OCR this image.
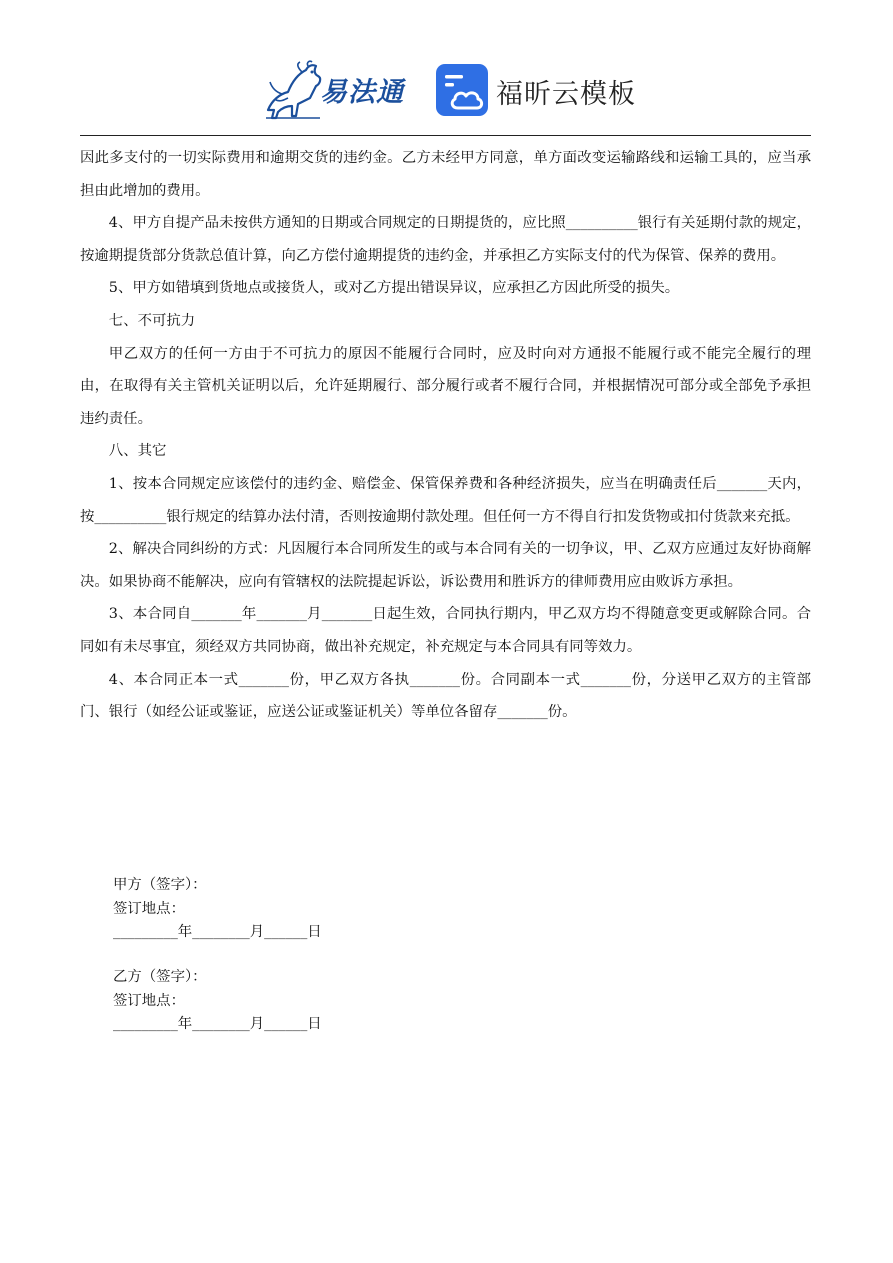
易法通	福昕云模板

因此多支付的一切实际费用和逾期交货的违约金。乙方未经甲方同意，单方面改变运输路线和运输工具的，应当承担由此增加的费用。

4、甲方自提产品未按供方通知的日期或合同规定的日期提货的，应比照__________银行有关延期付款的规定，按逾期提货部分货款总值计算，向乙方偿付逾期提货的违约金，并承担乙方实际支付的代为保管、保养的费用。

5、甲方如错填到货地点或接货人，或对乙方提出错误异议，应承担乙方因此所受的损失。

七、不可抗力

甲乙双方的任何一方由于不可抗力的原因不能履行合同时，应及时向对方通报不能履行或不能完全履行的理由，在取得有关主管机关证明以后，允许延期履行、部分履行或者不履行合同，并根据情况可部分或全部免予承担违约责任。

八、其它

1、按本合同规定应该偿付的违约金、赔偿金、保管保养费和各种经济损失，应当在明确责任后_______天内，按__________银行规定的结算办法付清，否则按逾期付款处理。但任何一方不得自行扣发货物或扣付货款来充抵。

2、解决合同纠纷的方式：凡因履行本合同所发生的或与本合同有关的一切争议，甲、乙双方应通过友好协商解决。如果协商不能解决，应向有管辖权的法院提起诉讼，诉讼费用和胜诉方的律师费用应由败诉方承担。

3、本合同自_______年_______月_______日起生效，合同执行期内，甲乙双方均不得随意变更或解除合同。合同如有未尽事宜，须经双方共同协商，做出补充规定，补充规定与本合同具有同等效力。

4、本合同正本一式_______份，甲乙双方各执_______份。合同副本一式_______份，分送甲乙双方的主管部门、银行（如经公证或鉴证，应送公证或鉴证机关）等单位各留存_______份。

甲方（签字）：

签订地点：

_________年________月______日

乙方（签字）：

签订地点：

_________年________月______日
